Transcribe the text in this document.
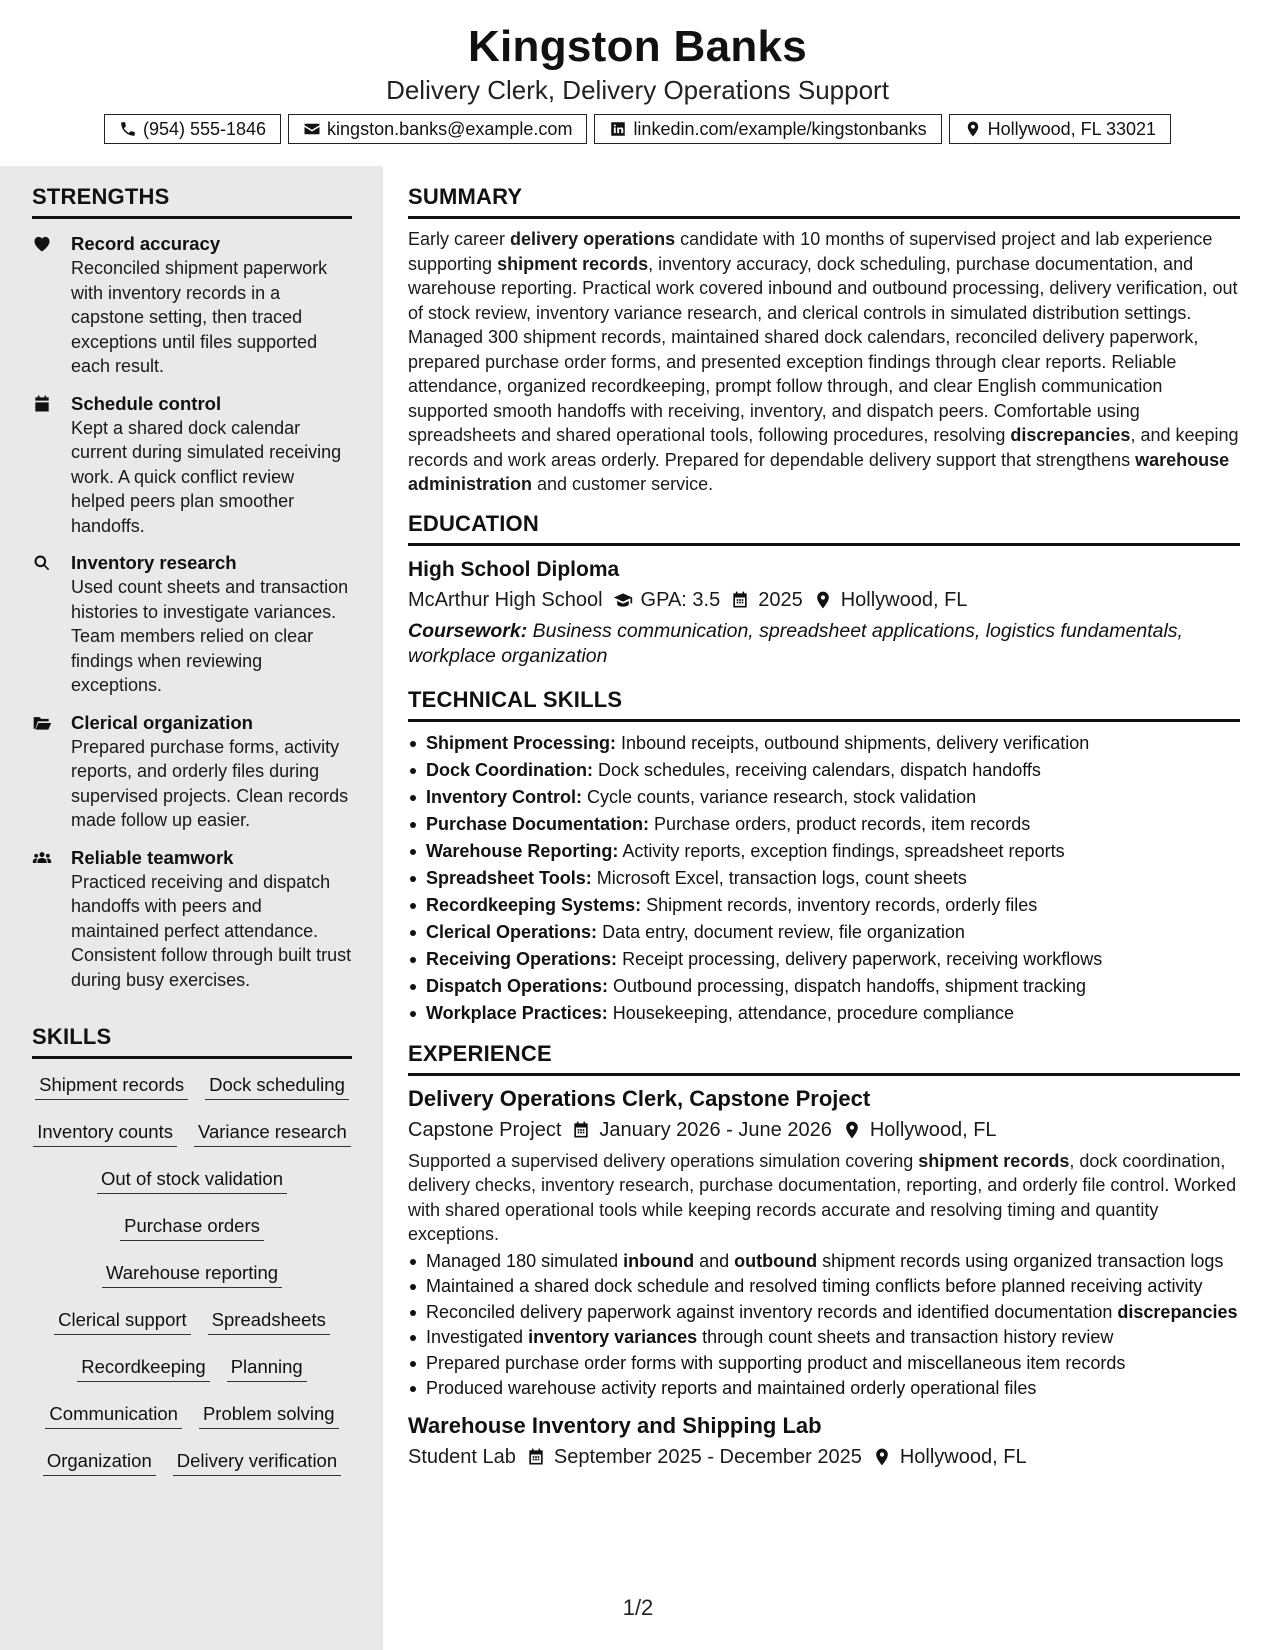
Kingston Banks
Delivery Clerk, Delivery Operations Support
(954) 555-1846	kingston.banks@example.com	linkedin.com/example/kingstonbanks	Hollywood, FL 33021
STRENGTHS
Record accuracy
Reconciled shipment paperwork with inventory records in a capstone setting, then traced exceptions until files supported each result.
Schedule control
Kept a shared dock calendar current during simulated receiving work. A quick conflict review helped peers plan smoother handoffs.
Inventory research
Used count sheets and transaction histories to investigate variances. Team members relied on clear findings when reviewing exceptions.
Clerical organization
Prepared purchase forms, activity reports, and orderly files during supervised projects. Clean records made follow up easier.
Reliable teamwork
Practiced receiving and dispatch handoffs with peers and maintained perfect attendance. Consistent follow through built trust during busy exercises.
SKILLS
Shipment records Dock scheduling
Inventory counts Variance research
Out of stock validation
Purchase orders
Warehouse reporting
Clerical support Spreadsheets
Recordkeeping Planning
Communication Problem solving
Organization Delivery verification
SUMMARY
Early career delivery operations candidate with 10 months of supervised project and lab experience supporting shipment records, inventory accuracy, dock scheduling, purchase documentation, and warehouse reporting. Practical work covered inbound and outbound processing, delivery verification, out of stock review, inventory variance research, and clerical controls in simulated distribution settings. Managed 300 shipment records, maintained shared dock calendars, reconciled delivery paperwork, prepared purchase order forms, and presented exception findings through clear reports. Reliable attendance, organized recordkeeping, prompt follow through, and clear English communication supported smooth handoffs with receiving, inventory, and dispatch peers. Comfortable using spreadsheets and shared operational tools, following procedures, resolving discrepancies, and keeping records and work areas orderly. Prepared for dependable delivery support that strengthens warehouse administration and customer service.
EDUCATION
High School Diploma
McArthur High School GPA: 3.5 2025 Hollywood, FL
Coursework: Business communication, spreadsheet applications, logistics fundamentals, workplace organization
TECHNICAL SKILLS
Shipment Processing: Inbound receipts, outbound shipments, delivery verification
Dock Coordination: Dock schedules, receiving calendars, dispatch handoffs
Inventory Control: Cycle counts, variance research, stock validation
Purchase Documentation: Purchase orders, product records, item records
Warehouse Reporting: Activity reports, exception findings, spreadsheet reports
Spreadsheet Tools: Microsoft Excel, transaction logs, count sheets
Recordkeeping Systems: Shipment records, inventory records, orderly files
Clerical Operations: Data entry, document review, file organization
Receiving Operations: Receipt processing, delivery paperwork, receiving workflows
Dispatch Operations: Outbound processing, dispatch handoffs, shipment tracking
Workplace Practices: Housekeeping, attendance, procedure compliance
EXPERIENCE
Delivery Operations Clerk, Capstone Project
Capstone Project January 2026 - June 2026 Hollywood, FL
Supported a supervised delivery operations simulation covering shipment records, dock coordination, delivery checks, inventory research, purchase documentation, reporting, and orderly file control. Worked with shared operational tools while keeping records accurate and resolving timing and quantity exceptions.
Managed 180 simulated inbound and outbound shipment records using organized transaction logs
Maintained a shared dock schedule and resolved timing conflicts before planned receiving activity
Reconciled delivery paperwork against inventory records and identified documentation discrepancies
Investigated inventory variances through count sheets and transaction history review
Prepared purchase order forms with supporting product and miscellaneous item records
Produced warehouse activity reports and maintained orderly operational files
Warehouse Inventory and Shipping Lab
Student Lab September 2025 - December 2025 Hollywood, FL
1/2
